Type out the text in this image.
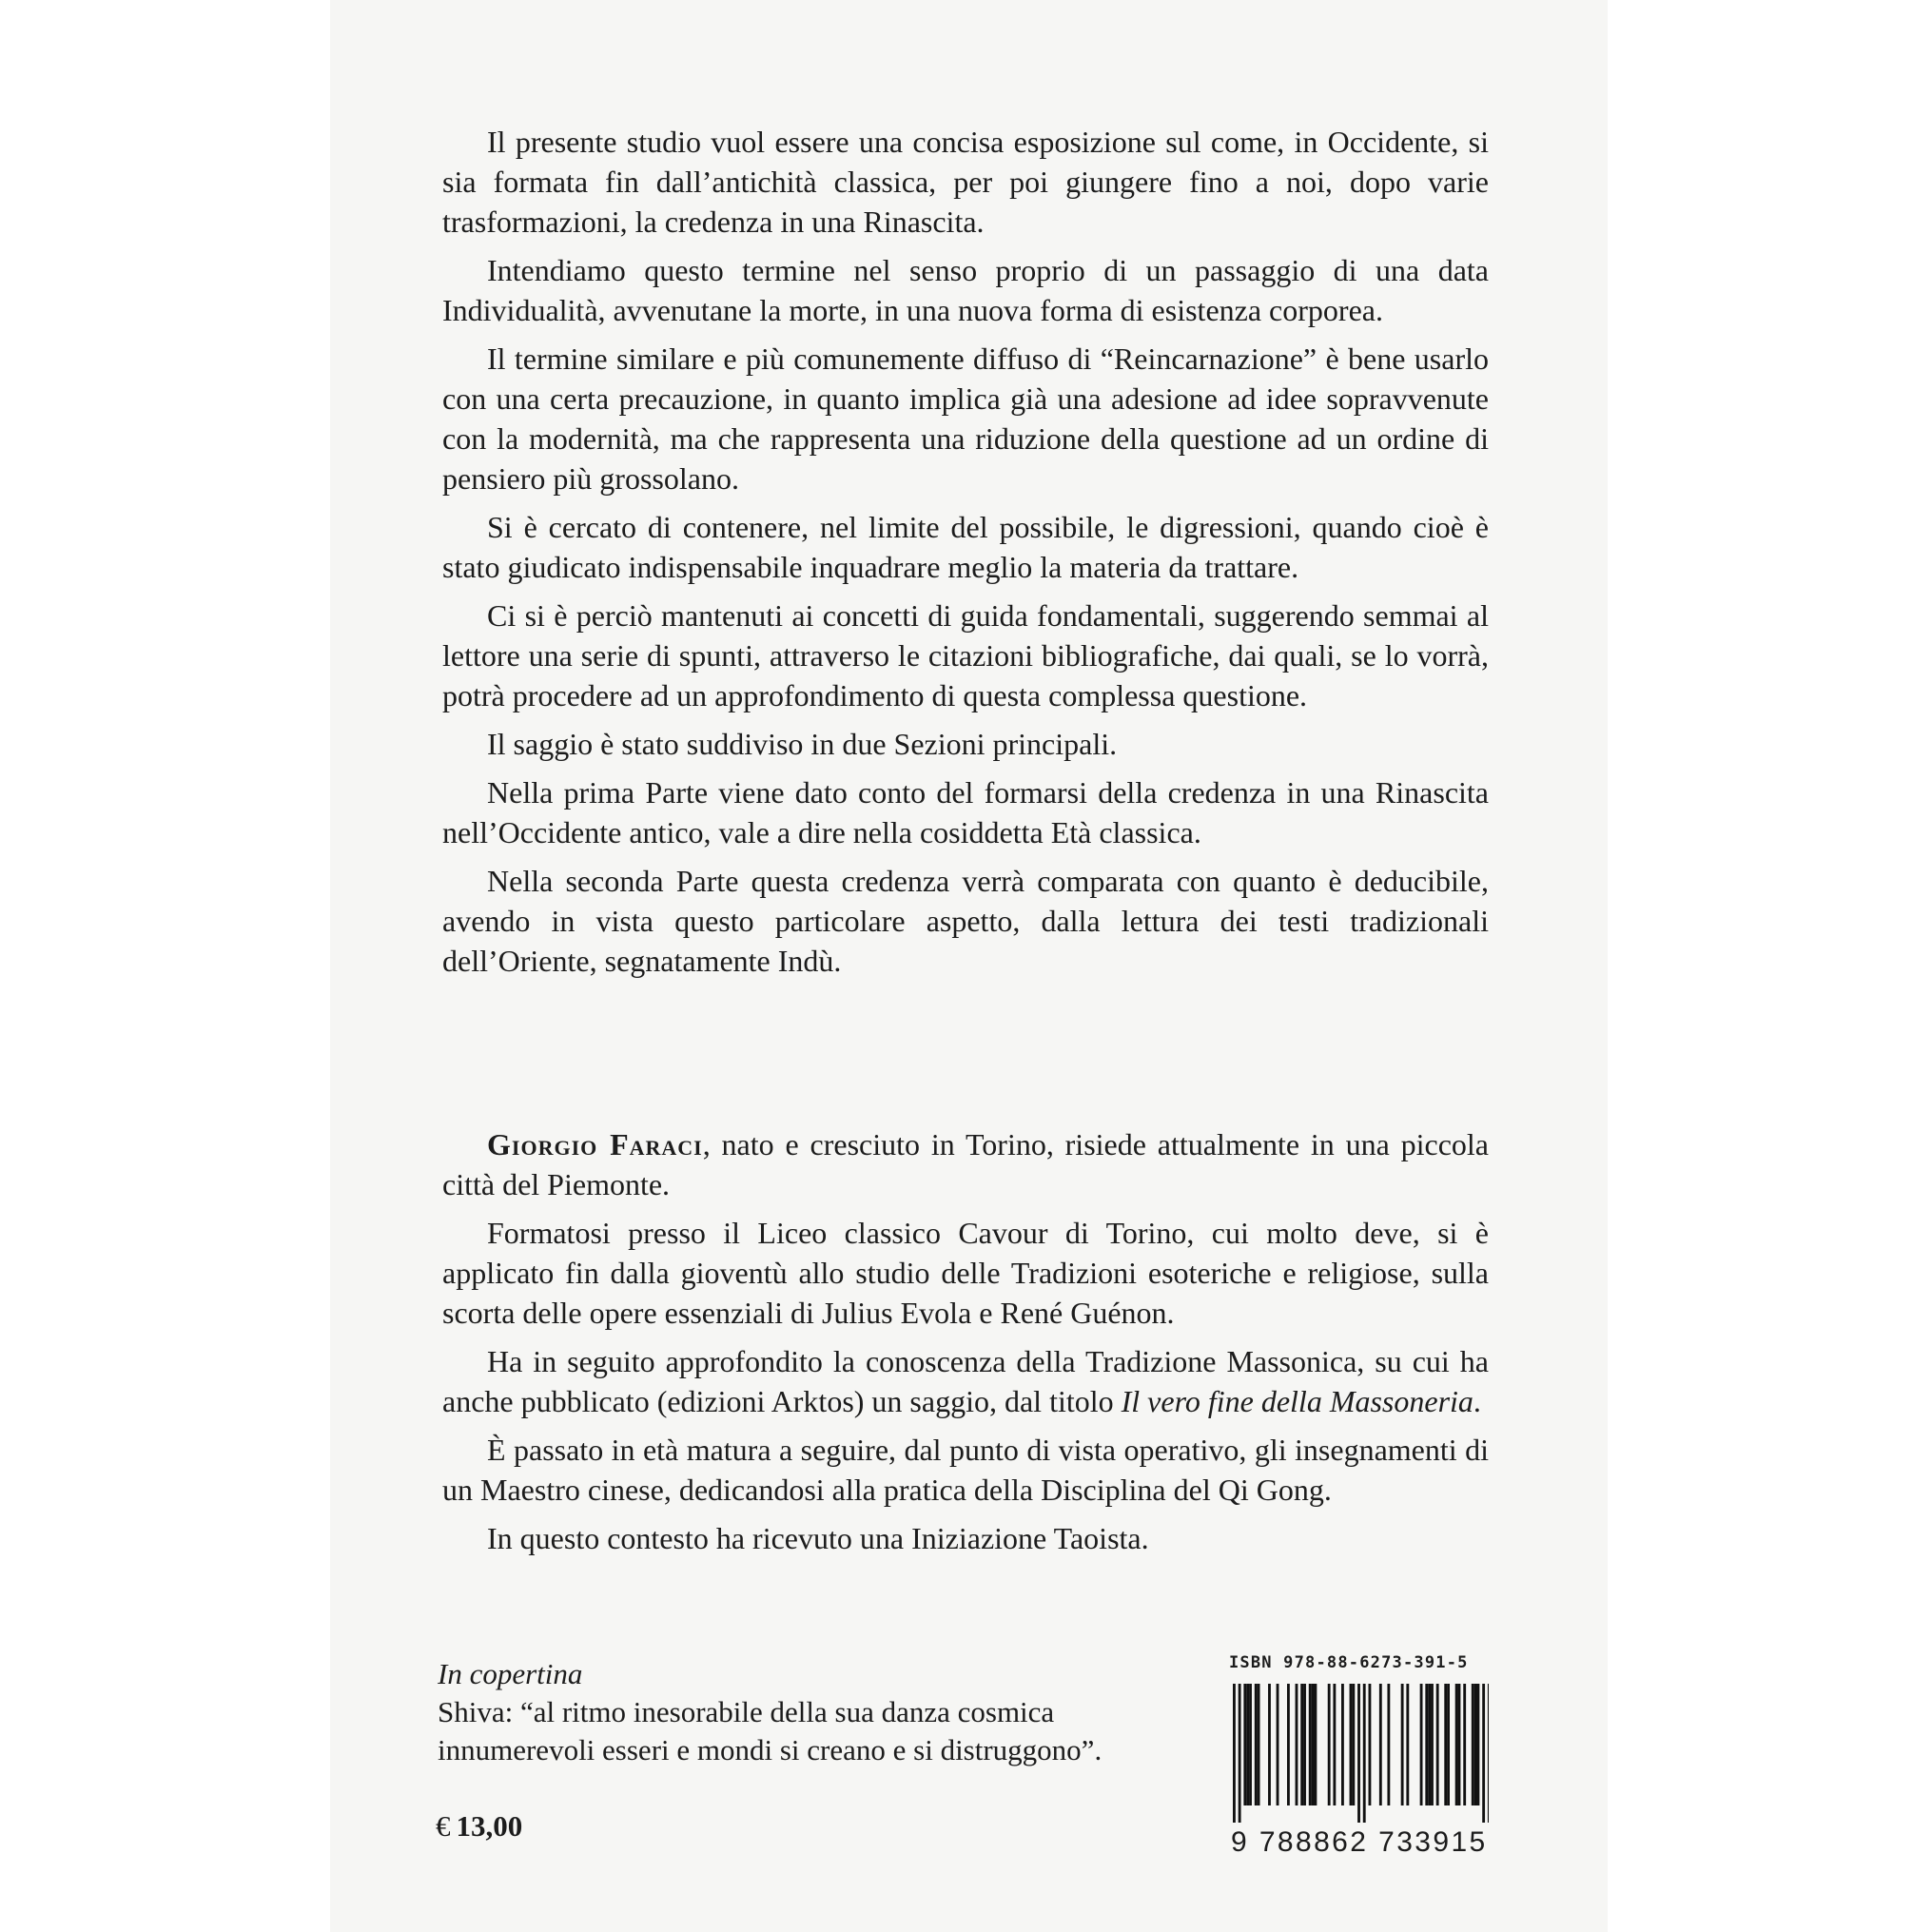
Il presente studio vuol essere una concisa esposizione sul come, in Occidente, si sia formata fin dall’antichità classica, per poi giungere fino a noi, dopo varie trasformazioni, la credenza in una Rinascita.

Intendiamo questo termine nel senso proprio di un passaggio di una data Individualità, avvenutane la morte, in una nuova forma di esistenza corporea.

Il termine similare e più comunemente diffuso di “Reincarnazione” è bene usarlo con una certa precauzione, in quanto implica già una adesione ad idee sopravvenute con la modernità, ma che rappresenta una riduzione della questione ad un ordine di pensiero più grossolano.

Si è cercato di contenere, nel limite del possibile, le digressioni, quando cioè è stato giudicato indispensabile inquadrare meglio la materia da trattare.

Ci si è perciò mantenuti ai concetti di guida fondamentali, suggerendo semmai al lettore una serie di spunti, attraverso le citazioni bibliografiche, dai quali, se lo vorrà, potrà procedere ad un approfondimento di questa complessa questione.

Il saggio è stato suddiviso in due Sezioni principali.

Nella prima Parte viene dato conto del formarsi della credenza in una Rinascita nell’Occidente antico, vale a dire nella cosiddetta Età classica.

Nella seconda Parte questa credenza verrà comparata con quanto è deducibile, avendo in vista questo particolare aspetto, dalla lettura dei testi tradizionali dell’Oriente, segnatamente Indù.

Giorgio Faraci, nato e cresciuto in Torino, risiede attualmente in una piccola città del Piemonte.

Formatosi presso il Liceo classico Cavour di Torino, cui molto deve, si è applicato fin dalla gioventù allo studio delle Tradizioni esoteriche e religiose, sulla scorta delle opere essenziali di Julius Evola e René Guénon.

Ha in seguito approfondito la conoscenza della Tradizione Massonica, su cui ha anche pubblicato (edizioni Arktos) un saggio, dal titolo Il vero fine della Massoneria.

È passato in età matura a seguire, dal punto di vista operativo, gli insegnamenti di un Maestro cinese, dedicandosi alla pratica della Disciplina del Qi Gong.

In questo contesto ha ricevuto una Iniziazione Taoista.

In copertina
Shiva: “al ritmo inesorabile della sua danza cosmica innumerevoli esseri e mondi si creano e si distruggono”.
€ 13,00
ISBN 978-88-6273-391-5
9 788862 733915
